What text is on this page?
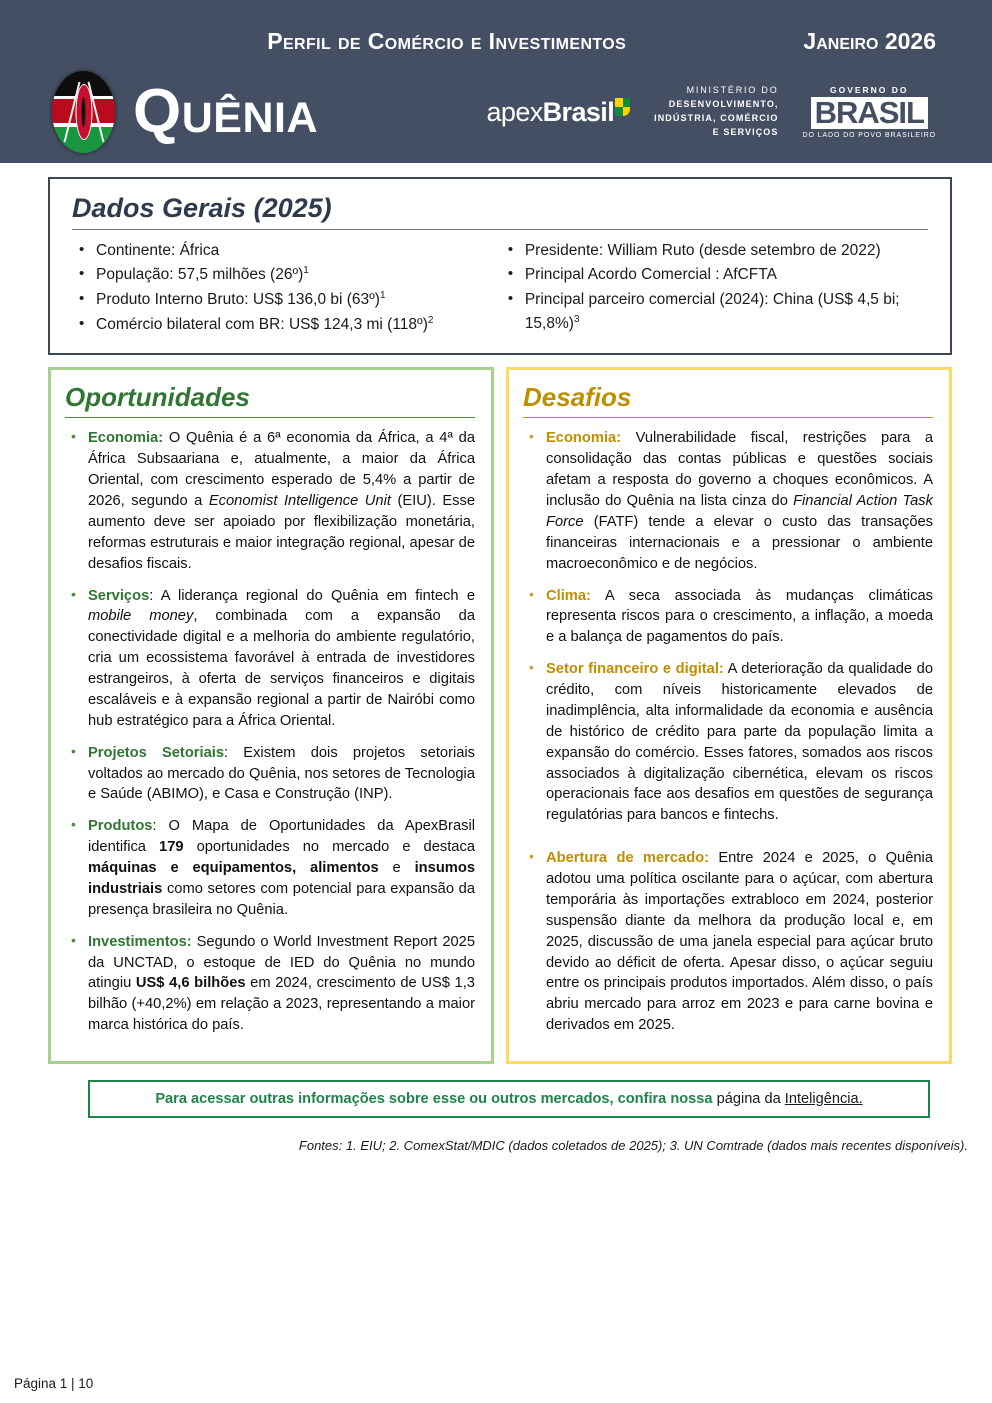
Perfil de Comércio e Investimentos	Janeiro 2026
Quênia	apexBrasil
MINISTÉRIO DO
DESENVOLVIMENTO,
INDÚSTRIA, COMÉRCIO
E SERVIÇOS
GOVERNO DO
BRASIL
DO LADO DO POVO BRASILEIRO
Dados Gerais (2025)
• Continente: África
• População: 57,5 milhões (26º)$^1$
• Produto Interno Bruto: US$ 136,0 bi (63º)$^1$
• Comércio bilateral com BR: US$ 124,3 mi (118º)$^2$
• Presidente: William Ruto (desde setembro de 2022)
• Principal Acordo Comercial : AfCFTA
• Principal parceiro comercial (2024): China (US$ 4,5 bi; 15,8%)$^3$
Oportunidades
• Economia: O Quênia é a 6ª economia da África, a 4ª da África Subsaariana e, atualmente, a maior da África Oriental, com crescimento esperado de 5,4% a partir de 2026, segundo a Economist Intelligence Unit (EIU). Esse aumento deve ser apoiado por flexibilização monetária, reformas estruturais e maior integração regional, apesar de desafios fiscais.
• Serviços: A liderança regional do Quênia em fintech e mobile money, combinada com a expansão da conectividade digital e a melhoria do ambiente regulatório, cria um ecossistema favorável à entrada de investidores estrangeiros, à oferta de serviços financeiros e digitais escaláveis e à expansão regional a partir de Nairóbi como hub estratégico para a África Oriental.
• Projetos Setoriais: Existem dois projetos setoriais voltados ao mercado do Quênia, nos setores de Tecnologia e Saúde (ABIMO), e Casa e Construção (INP).
• Produtos: O Mapa de Oportunidades da ApexBrasil identifica 179 oportunidades no mercado e destaca máquinas e equipamentos, alimentos e insumos industriais como setores com potencial para expansão da presença brasileira no Quênia.
• Investimentos: Segundo o World Investment Report 2025 da UNCTAD, o estoque de IED do Quênia no mundo atingiu US$ 4,6 bilhões em 2024, crescimento de US$ 1,3 bilhão (+40,2%) em relação a 2023, representando a maior marca histórica do país.
Desafios
• Economia: Vulnerabilidade fiscal, restrições para a consolidação das contas públicas e questões sociais afetam a resposta do governo a choques econômicos. A inclusão do Quênia na lista cinza do Financial Action Task Force (FATF) tende a elevar o custo das transações financeiras internacionais e a pressionar o ambiente macroeconômico e de negócios.
• Clima: A seca associada às mudanças climáticas representa riscos para o crescimento, a inflação, a moeda e a balança de pagamentos do país.
• Setor financeiro e digital: A deterioração da qualidade do crédito, com níveis historicamente elevados de inadimplência, alta informalidade da economia e ausência de histórico de crédito para parte da população limita a expansão do comércio. Esses fatores, somados aos riscos associados à digitalização cibernética, elevam os riscos operacionais face aos desafios em questões de segurança regulatórias para bancos e fintechs.
• Abertura de mercado: Entre 2024 e 2025, o Quênia adotou uma política oscilante para o açúcar, com abertura temporária às importações extrabloco em 2024, posterior suspensão diante da melhora da produção local e, em 2025, discussão de uma janela especial para açúcar bruto devido ao déficit de oferta. Apesar disso, o açúcar seguiu entre os principais produtos importados. Além disso, o país abriu mercado para arroz em 2023 e para carne bovina e derivados em 2025.
Para acessar outras informações sobre esse ou outros mercados, confira nossa página da Inteligência.
Fontes: 1. EIU; 2. ComexStat/MDIC (dados coletados de 2025); 3. UN Comtrade (dados mais recentes disponíveis).
Página 1 | 10
